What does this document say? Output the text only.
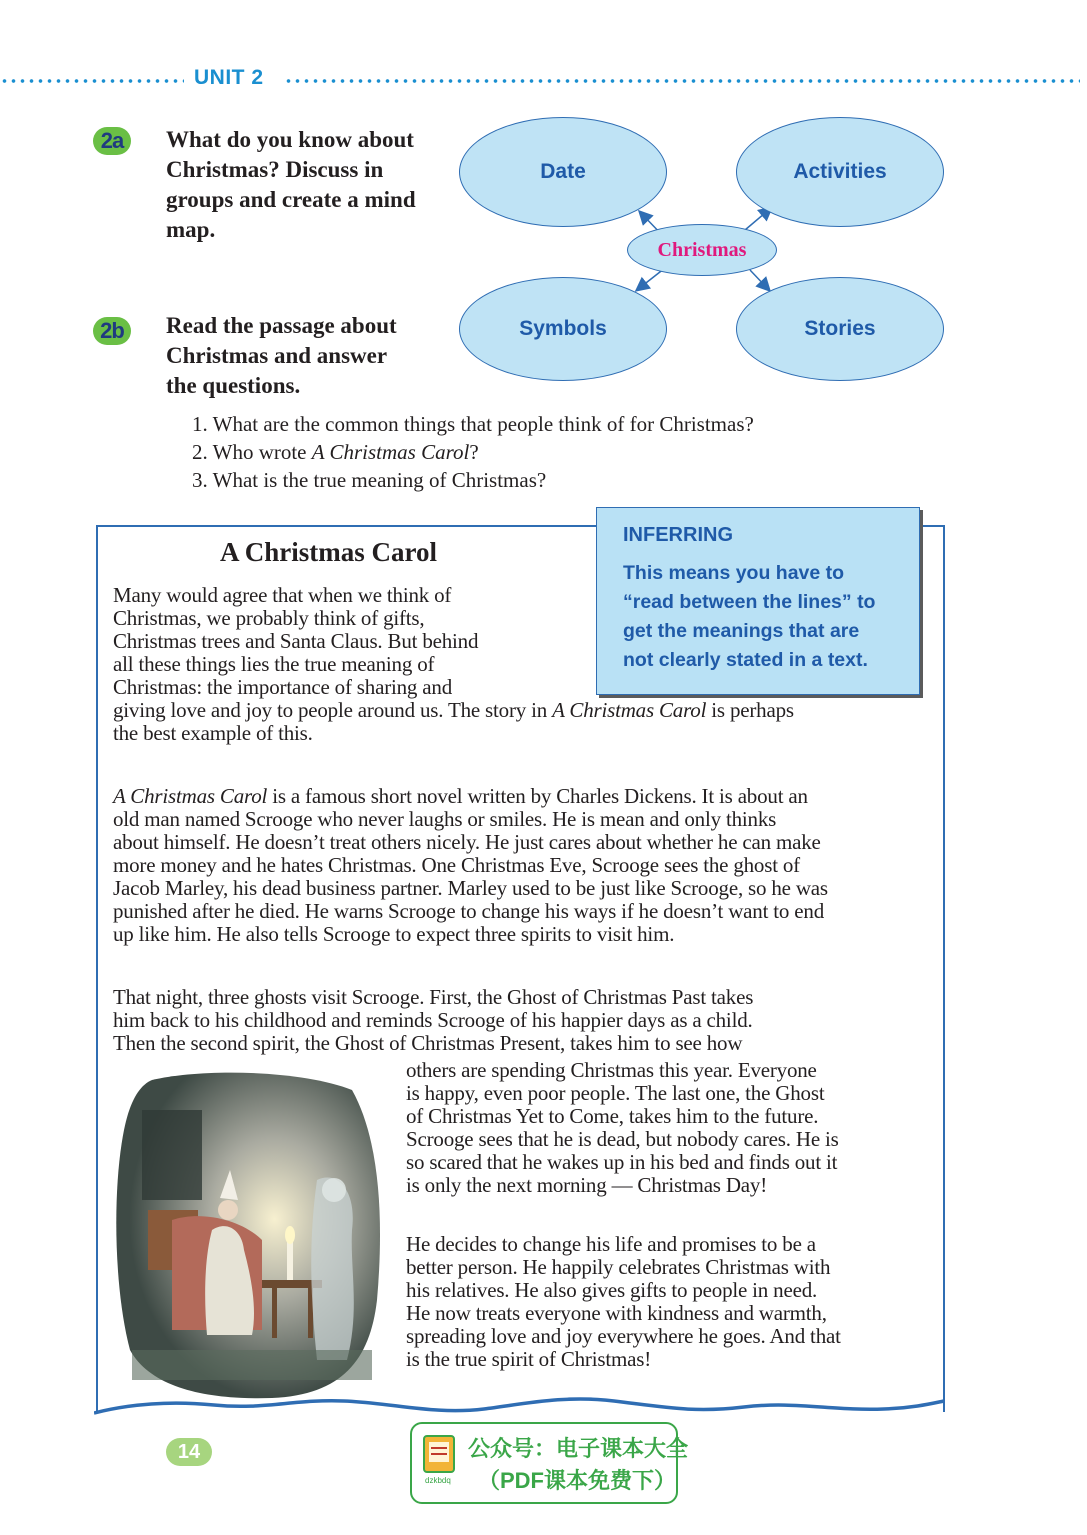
UNIT 2
2a	What do you know about
Christmas? Discuss in
groups and create a mind
map.
Date	Activities
Christmas
Symbols	Stories
2b	Read the passage about
Christmas and answer
the questions.
1. What are the common things that people think of for Christmas?
2. Who wrote A Christmas Carol?
3. What is the true meaning of Christmas?
A Christmas Carol
Many would agree that when we think of
Christmas, we probably think of gifts,
Christmas trees and Santa Claus. But behind
all these things lies the true meaning of
Christmas: the importance of sharing and
giving love and joy to people around us. The story in A Christmas Carol is perhaps
the best example of this.
A Christmas Carol is a famous short novel written by Charles Dickens. It is about an
old man named Scrooge who never laughs or smiles. He is mean and only thinks
about himself. He doesn’t treat others nicely. He just cares about whether he can make
more money and he hates Christmas. One Christmas Eve, Scrooge sees the ghost of
Jacob Marley, his dead business partner. Marley used to be just like Scrooge, so he was
punished after he died. He warns Scrooge to change his ways if he doesn’t want to end
up like him. He also tells Scrooge to expect three spirits to visit him.
That night, three ghosts visit Scrooge. First, the Ghost of Christmas Past takes
him back to his childhood and reminds Scrooge of his happier days as a child.
Then the second spirit, the Ghost of Christmas Present, takes him to see how
others are spending Christmas this year. Everyone
is happy, even poor people. The last one, the Ghost
of Christmas Yet to Come, takes him to the future.
Scrooge sees that he is dead, but nobody cares. He is
so scared that he wakes up in his bed and finds out it
is only the next morning — Christmas Day!
He decides to change his life and promises to be a
better person. He happily celebrates Christmas with
his relatives. He also gives gifts to people in need.
He now treats everyone with kindness and warmth,
spreading love and joy everywhere he goes. And that
is the true spirit of Christmas!
INFERRING
This means you have to
“read between the lines” to
get the meanings that are
not clearly stated in a text.
14
dzkbdq
公众号：电子课本大全
（PDF课本免费下）
